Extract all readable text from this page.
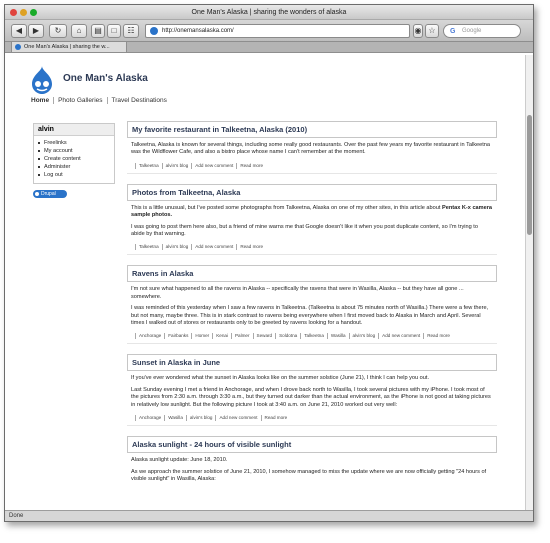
One Man's Alaska | sharing the wonders of alaska
◀	▶	↻	⌂	▤	□	☷	http://onemansalaska.com/	◉ ☆	G Google
One Man's Alaska | sharing the w...
One Man's Alaska
Home	Photo Galleries	Travel Destinations
alvin
Freelinks
My account
Create content
Administer
Log out
Drupal
My favorite restaurant in Talkeetna, Alaska (2010)

Talkeetna, Alaska is known for several things, including some really good restaurants. Over the past few years my favorite restaurant in Talkeetna was the Wildflower Cafe, and also a bistro place whose name I can't remember at the moment.

Talkeetna	alvin's blog	Add new comment	Read more
Photos from Talkeetna, Alaska

This is a little unusual, but I've posted some photographs from Talkeetna, Alaska on one of my other sites, in this article about Pentax K-x camera sample photos.

I was going to post them here also, but a friend of mine warns me that Google doesn't like it when you post duplicate content, so I'm trying to abide by that warning.

Talkeetna	alvin's blog	Add new comment	Read more
Ravens in Alaska

I'm not sure what happened to all the ravens in Alaska -- specifically the ravens that were in Wasilla, Alaska -- but they have all gone ... somewhere.

I was reminded of this yesterday when I saw a few ravens in Talkeetna. (Talkeetna is about 75 minutes north of Wasilla.) There were a few there, but not many, maybe three. This is in stark contrast to ravens being everywhere when I first moved back to Alaska in March and April. Several times I walked out of stores or restaurants only to be greeted by ravens looking for a handout.

Anchorage	Fairbanks	Homer	Kenai	Palmer	Seward	Soldotna	Talkeetna	Wasilla	alvin's blog	Add new comment	Read more
Sunset in Alaska in June

If you've ever wondered what the sunset in Alaska looks like on the summer solstice (June 21), I think I can help you out.

Last Sunday evening I met a friend in Anchorage, and when I drove back north to Wasilla, I took several pictures with my iPhone. I took most of the pictures from 2:30 a.m. through 3:30 a.m., but they turned out darker than the actual environment, as the iPhone is not good at taking pictures in relatively low sunlight. But the following picture I took at 3:40 a.m. on June 21, 2010 worked out very well:

Anchorage	Wasilla	alvin's blog	Add new comment	Read more
Alaska sunlight - 24 hours of visible sunlight

Alaska sunlight update: June 18, 2010.

As we approach the summer solstice of June 21, 2010, I somehow managed to miss the update where we are now officially getting "24 hours of visible sunlight" in Wasilla, Alaska:

Done
